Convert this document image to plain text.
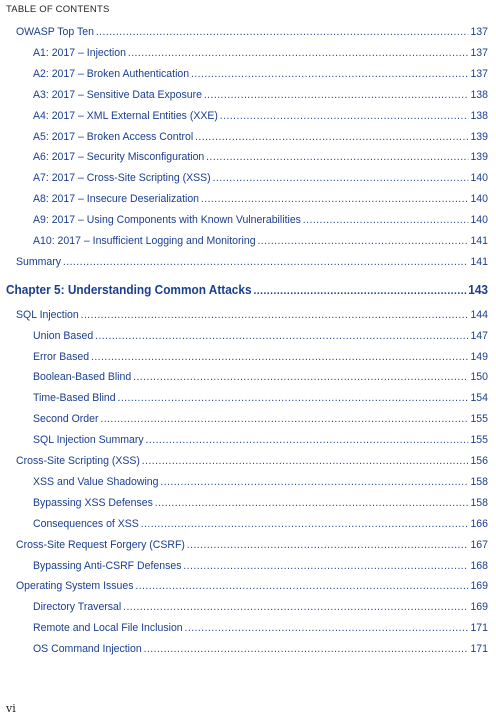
TABLE OF CONTENTS
OWASP Top Ten .....	137
A1: 2017 – Injection .....	137
A2: 2017 – Broken Authentication .....	137
A3: 2017 – Sensitive Data Exposure .....	138
A4: 2017 – XML External Entities (XXE) .....	138
A5: 2017 – Broken Access Control .....	139
A6: 2017 – Security Misconfiguration .....	139
A7: 2017 – Cross-Site Scripting (XSS) .....	140
A8: 2017 – Insecure Deserialization .....	140
A9: 2017 – Using Components with Known Vulnerabilities .....	140
A10: 2017 – Insufficient Logging and Monitoring .....	141
Summary .....	141
Chapter 5: Understanding Common Attacks .....	143
SQL Injection .....	144
Union Based .....	147
Error Based .....	149
Boolean-Based Blind .....	150
Time-Based Blind .....	154
Second Order .....	155
SQL Injection Summary .....	155
Cross-Site Scripting (XSS) .....	156
XSS and Value Shadowing .....	158
Bypassing XSS Defenses .....	158
Consequences of XSS .....	166
Cross-Site Request Forgery (CSRF) .....	167
Bypassing Anti-CSRF Defenses .....	168
Operating System Issues .....	169
Directory Traversal .....	169
Remote and Local File Inclusion .....	171
OS Command Injection .....	171
vi
